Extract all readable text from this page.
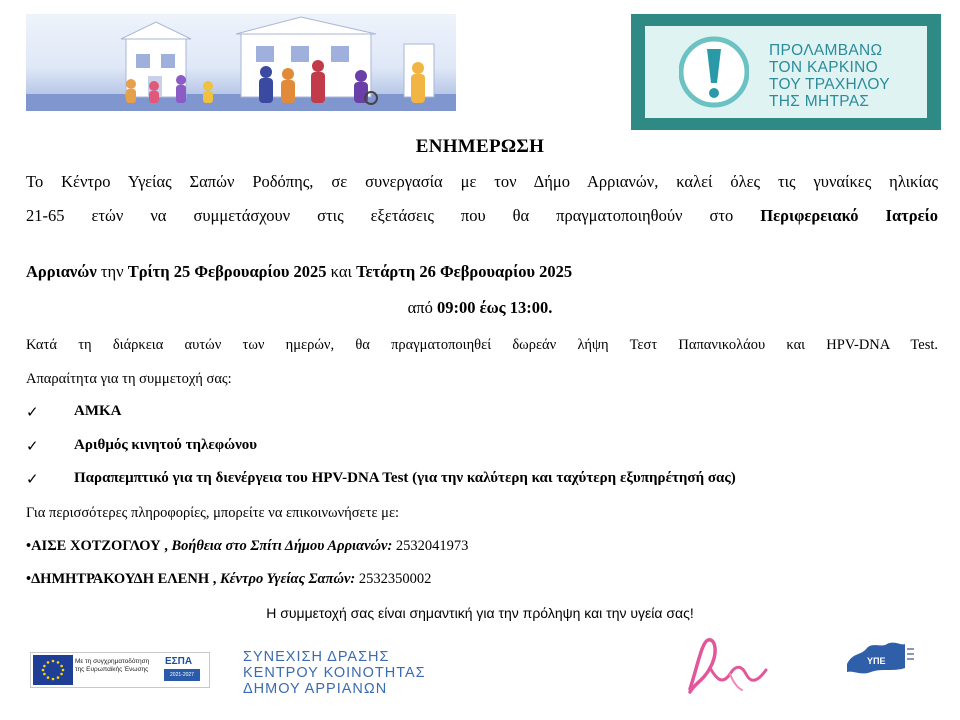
ΠΡΟΛΑΜΒΑΝΩ
ΤΟΝ ΚΑΡΚΙΝΟ
ΤΟΥ ΤΡΑΧΗΛΟΥ
ΤΗΣ ΜΗΤΡΑΣ
ΕΝΗΜΕΡΩΣΗ
Το Κέντρο Υγείας Σαπών Ροδόπης, σε συνεργασία με τον Δήμο Αρριανών, καλεί όλες τις γυναίκες ηλικίας
21-65 ετών να συμμετάσχουν στις εξετάσεις που θα πραγματοποιηθούν στο Περιφερειακό Ιατρείο
Αρριανών την Τρίτη 25 Φεβρουαρίου 2025 και Τετάρτη 26 Φεβρουαρίου 2025
από 09:00 έως 13:00.
Κατά τη διάρκεια αυτών των ημερών, θα πραγματοποιηθεί δωρεάν λήψη Τεστ Παπανικολάου και HPV-DNA Test.
Απαραίτητα για τη συμμετοχή σας:
✓ ΑΜΚΑ
✓ Αριθμός κινητού τηλεφώνου
✓ Παραπεμπτικό για τη διενέργεια του HPV-DNA Test (για την καλύτερη και ταχύτερη εξυπηρέτησή σας)
Για περισσότερες πληροφορίες, μπορείτε να επικοινωνήσετε με:
•ΑΙΣΕ ΧΟΤΖΟΓΛΟΥ , Βοήθεια στο Σπίτι Δήμου Αρριανών: 2532041973
•ΔΗΜΗΤΡΑΚΟΥΔΗ ΕΛΕΝΗ , Κέντρο Υγείας Σαπών: 2532350002
Η συμμετοχή σας είναι σημαντική για την πρόληψη και την υγεία σας!
Με τη συγχρηματοδότηση της Ευρωπαϊκής Ένωσης
ΕΣΠΑ
2021-2027
ΣΥΝΕΧΙΣΗ ΔΡΑΣΗΣ
ΚΕΝΤΡΟΥ ΚΟΙΝΟΤΗΤΑΣ
ΔΗΜΟΥ ΑΡΡΙΑΝΩΝ
ΥΠΕ
